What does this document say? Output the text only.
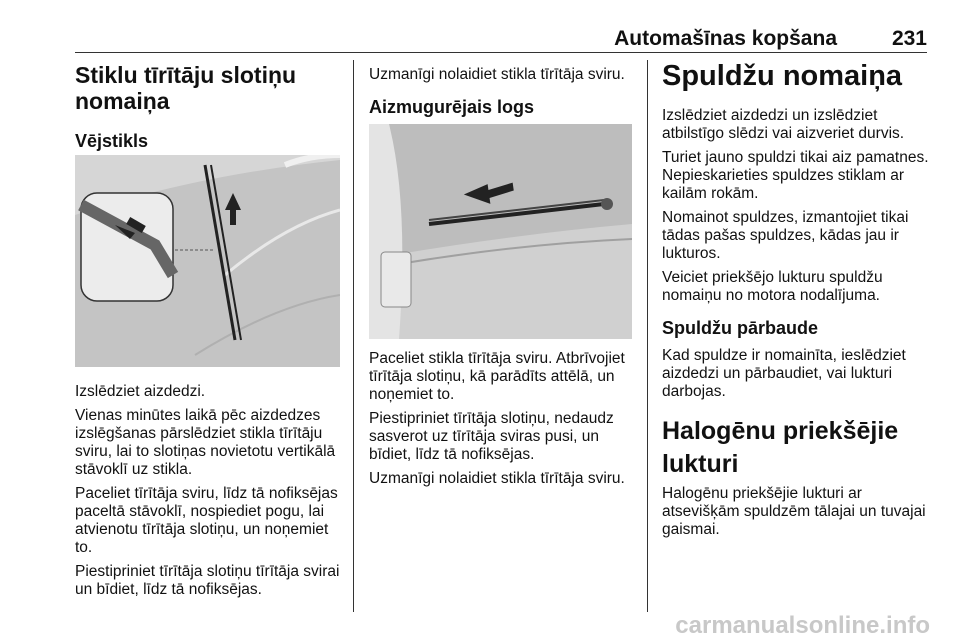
Automašīnas kopšana	231
Stiklu tīrītāju slotiņu nomaiņa
Vējstikls

Izslēdziet aizdedzi.

Vienas minūtes laikā pēc aizdedzes izslēgšanas pārslēdziet stikla tīrītāju sviru, lai to slotiņas novietotu vertikālā stāvoklī uz stikla.

Paceliet tīrītāja sviru, līdz tā nofiksējas paceltā stāvoklī, nospiediet pogu, lai atvienotu tīrītāja slotiņu, un noņemiet to.

Piestipriniet tīrītāja slotiņu tīrītāja svirai un bīdiet, līdz tā nofiksējas.

Uzmanīgi nolaidiet stikla tīrītāja sviru.

Aizmugurējais logs

Paceliet stikla tīrītāja sviru. Atbrīvojiet tīrītāja slotiņu, kā parādīts attēlā, un noņemiet to.

Piestipriniet tīrītāja slotiņu, nedaudz sasverot uz tīrītāja sviras pusi, un bīdiet, līdz tā nofiksējas.

Uzmanīgi nolaidiet stikla tīrītāja sviru.

Spuldžu nomaiņa

Izslēdziet aizdedzi un izslēdziet atbilstīgo slēdzi vai aizveriet durvis.

Turiet jauno spuldzi tikai aiz pamatnes. Nepieskarieties spuldzes stiklam ar kailām rokām.

Nomainot spuldzes, izmantojiet tikai tādas pašas spuldzes, kādas jau ir lukturos.

Veiciet priekšējo lukturu spuldžu nomaiņu no motora nodalījuma.

Spuldžu pārbaude

Kad spuldze ir nomainīta, ieslēdziet aizdedzi un pārbaudiet, vai lukturi darbojas.

Halogēnu priekšējie lukturi

Halogēnu priekšējie lukturi ar atsevišķām spuldzēm tālajai un tuvajai gaismai.

carmanualsonline.info
